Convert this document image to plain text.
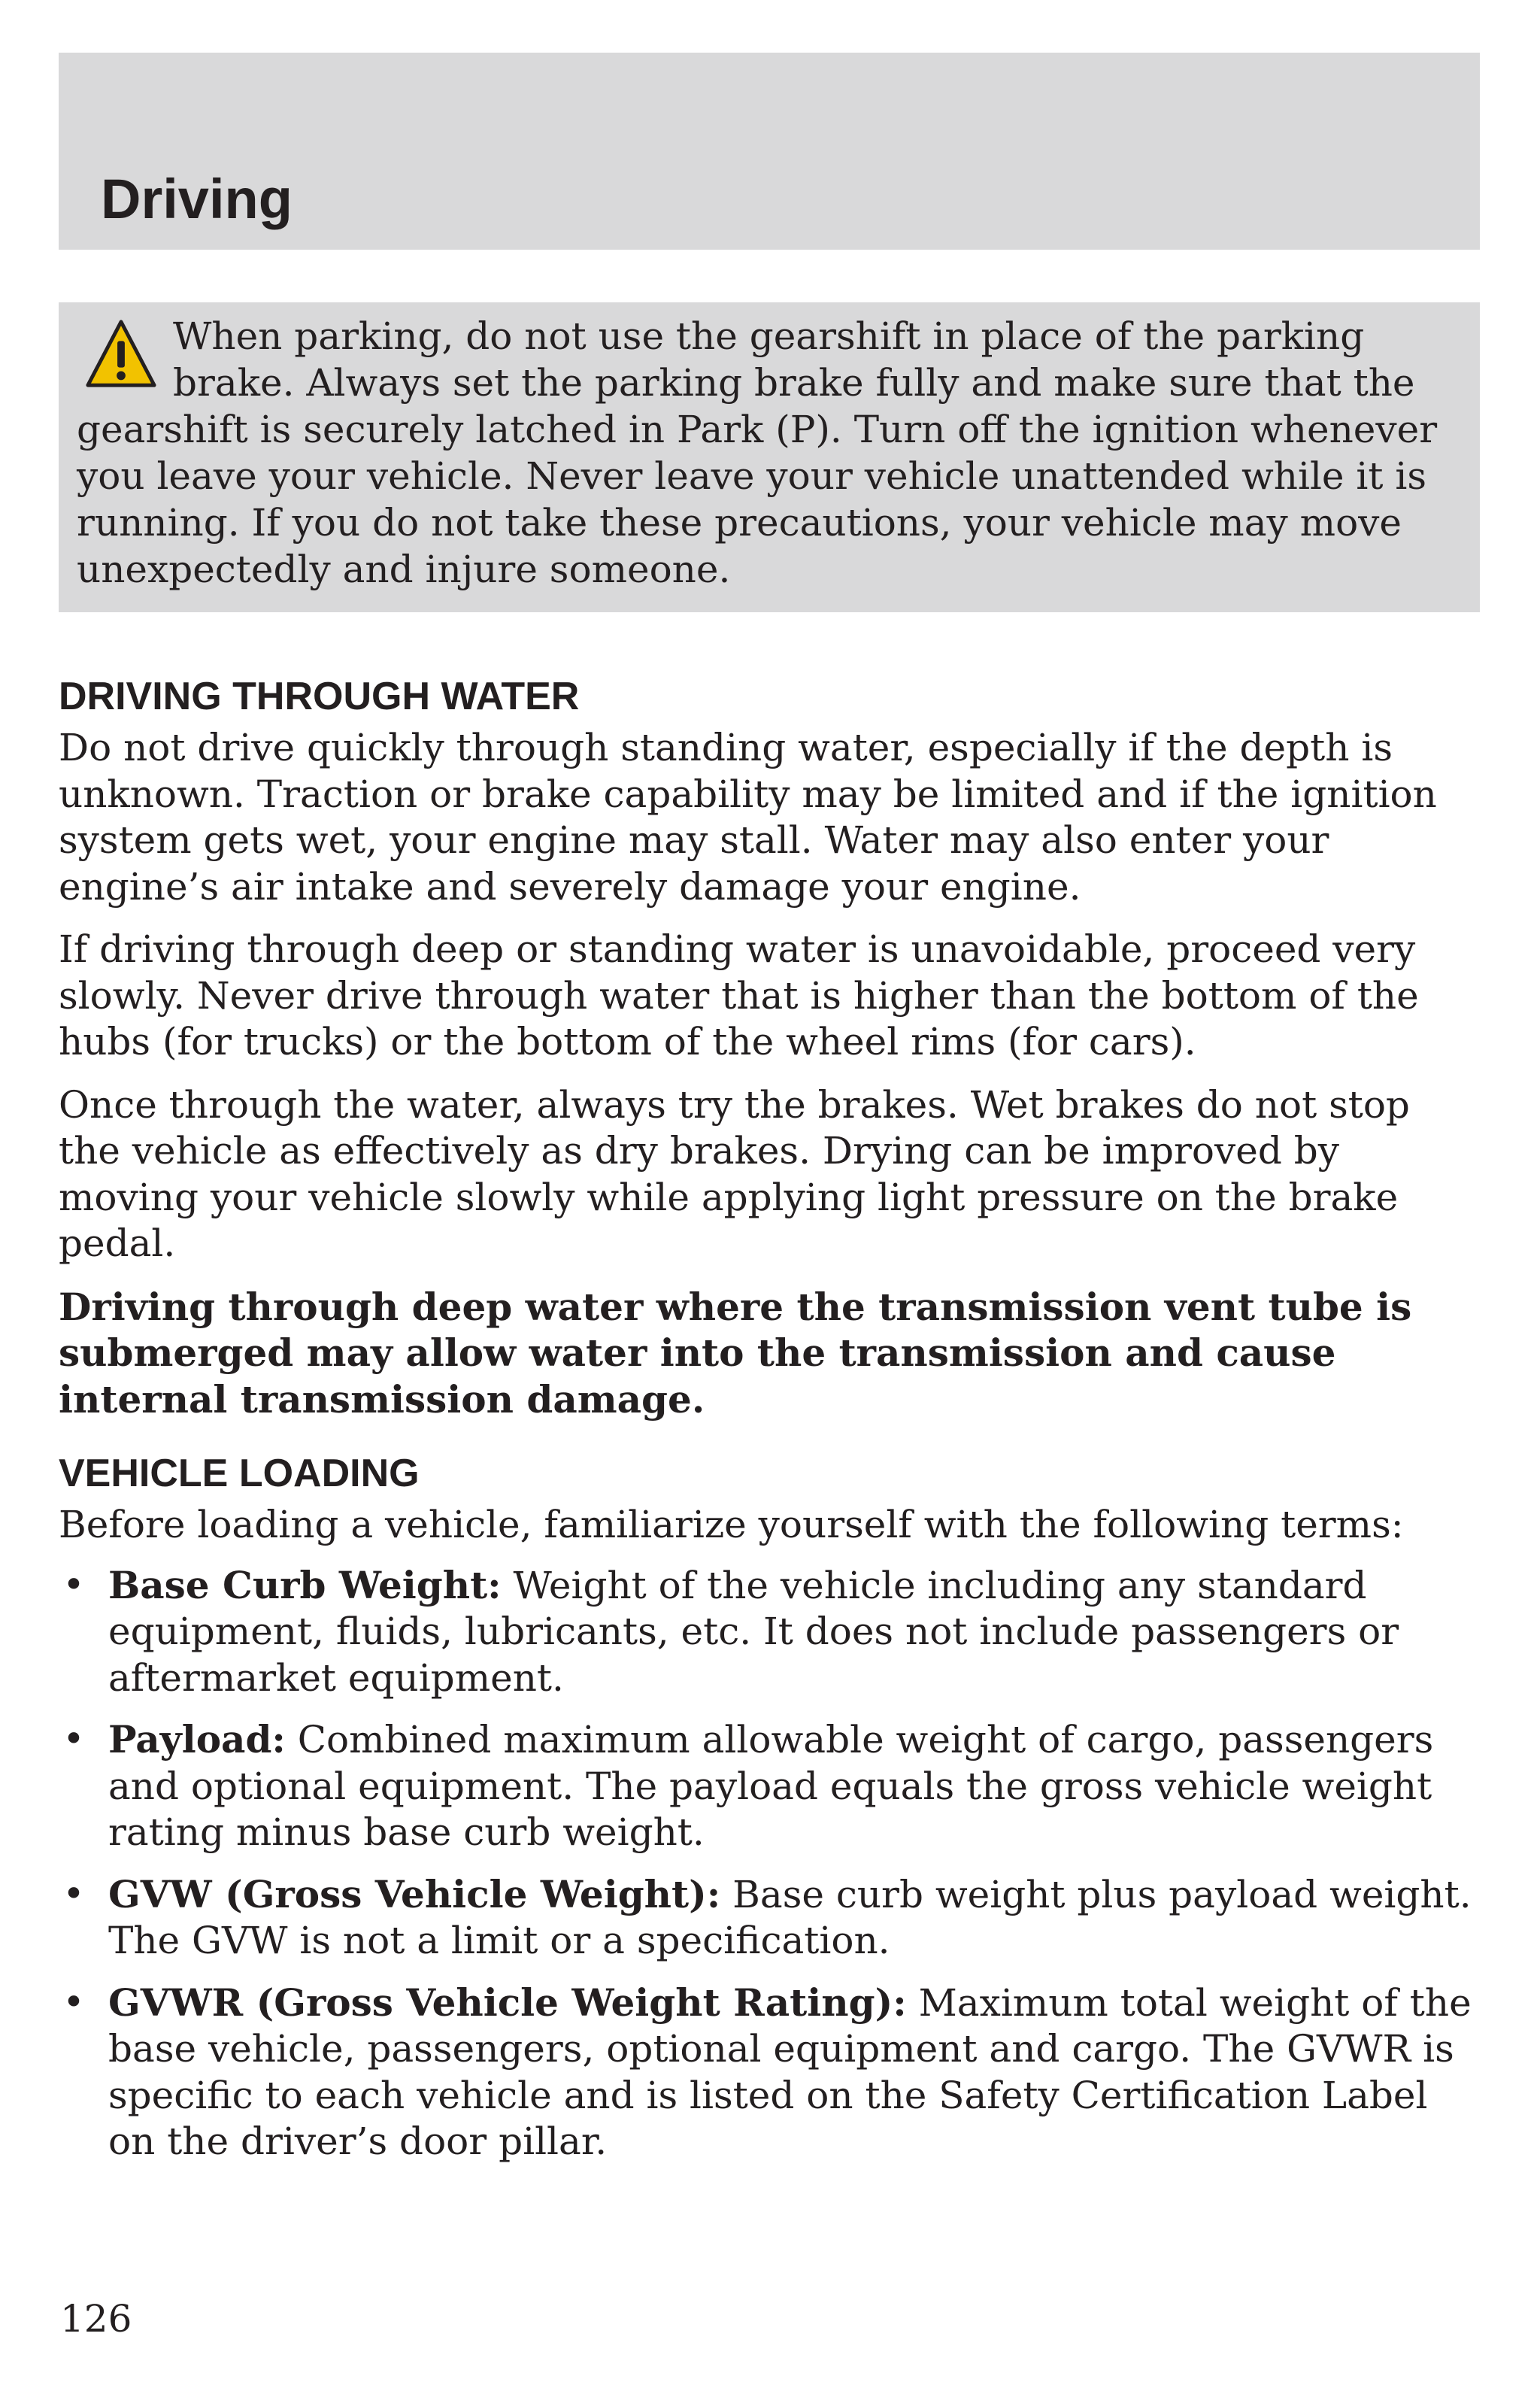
Driving

When parking, do not use the gearshift in place of the parking brake. Always set the parking brake fully and make sure that the gearshift is securely latched in Park (P). Turn off the ignition whenever you leave your vehicle. Never leave your vehicle unattended while it is running. If you do not take these precautions, your vehicle may move unexpectedly and injure someone.

DRIVING THROUGH WATER

Do not drive quickly through standing water, especially if the depth is unknown. Traction or brake capability may be limited and if the ignition system gets wet, your engine may stall. Water may also enter your engine’s air intake and severely damage your engine.

If driving through deep or standing water is unavoidable, proceed very slowly. Never drive through water that is higher than the bottom of the hubs (for trucks) or the bottom of the wheel rims (for cars).

Once through the water, always try the brakes. Wet brakes do not stop the vehicle as effectively as dry brakes. Drying can be improved by moving your vehicle slowly while applying light pressure on the brake pedal.

Driving through deep water where the transmission vent tube is submerged may allow water into the transmission and cause internal transmission damage.

VEHICLE LOADING

Before loading a vehicle, familiarize yourself with the following terms:

• Base Curb Weight: Weight of the vehicle including any standard equipment, fluids, lubricants, etc. It does not include passengers or aftermarket equipment.
• Payload: Combined maximum allowable weight of cargo, passengers and optional equipment. The payload equals the gross vehicle weight rating minus base curb weight.
• GVW (Gross Vehicle Weight): Base curb weight plus payload weight. The GVW is not a limit or a specification.
• GVWR (Gross Vehicle Weight Rating): Maximum total weight of the base vehicle, passengers, optional equipment and cargo. The GVWR is specific to each vehicle and is listed on the Safety Certification Label on the driver’s door pillar.

126
